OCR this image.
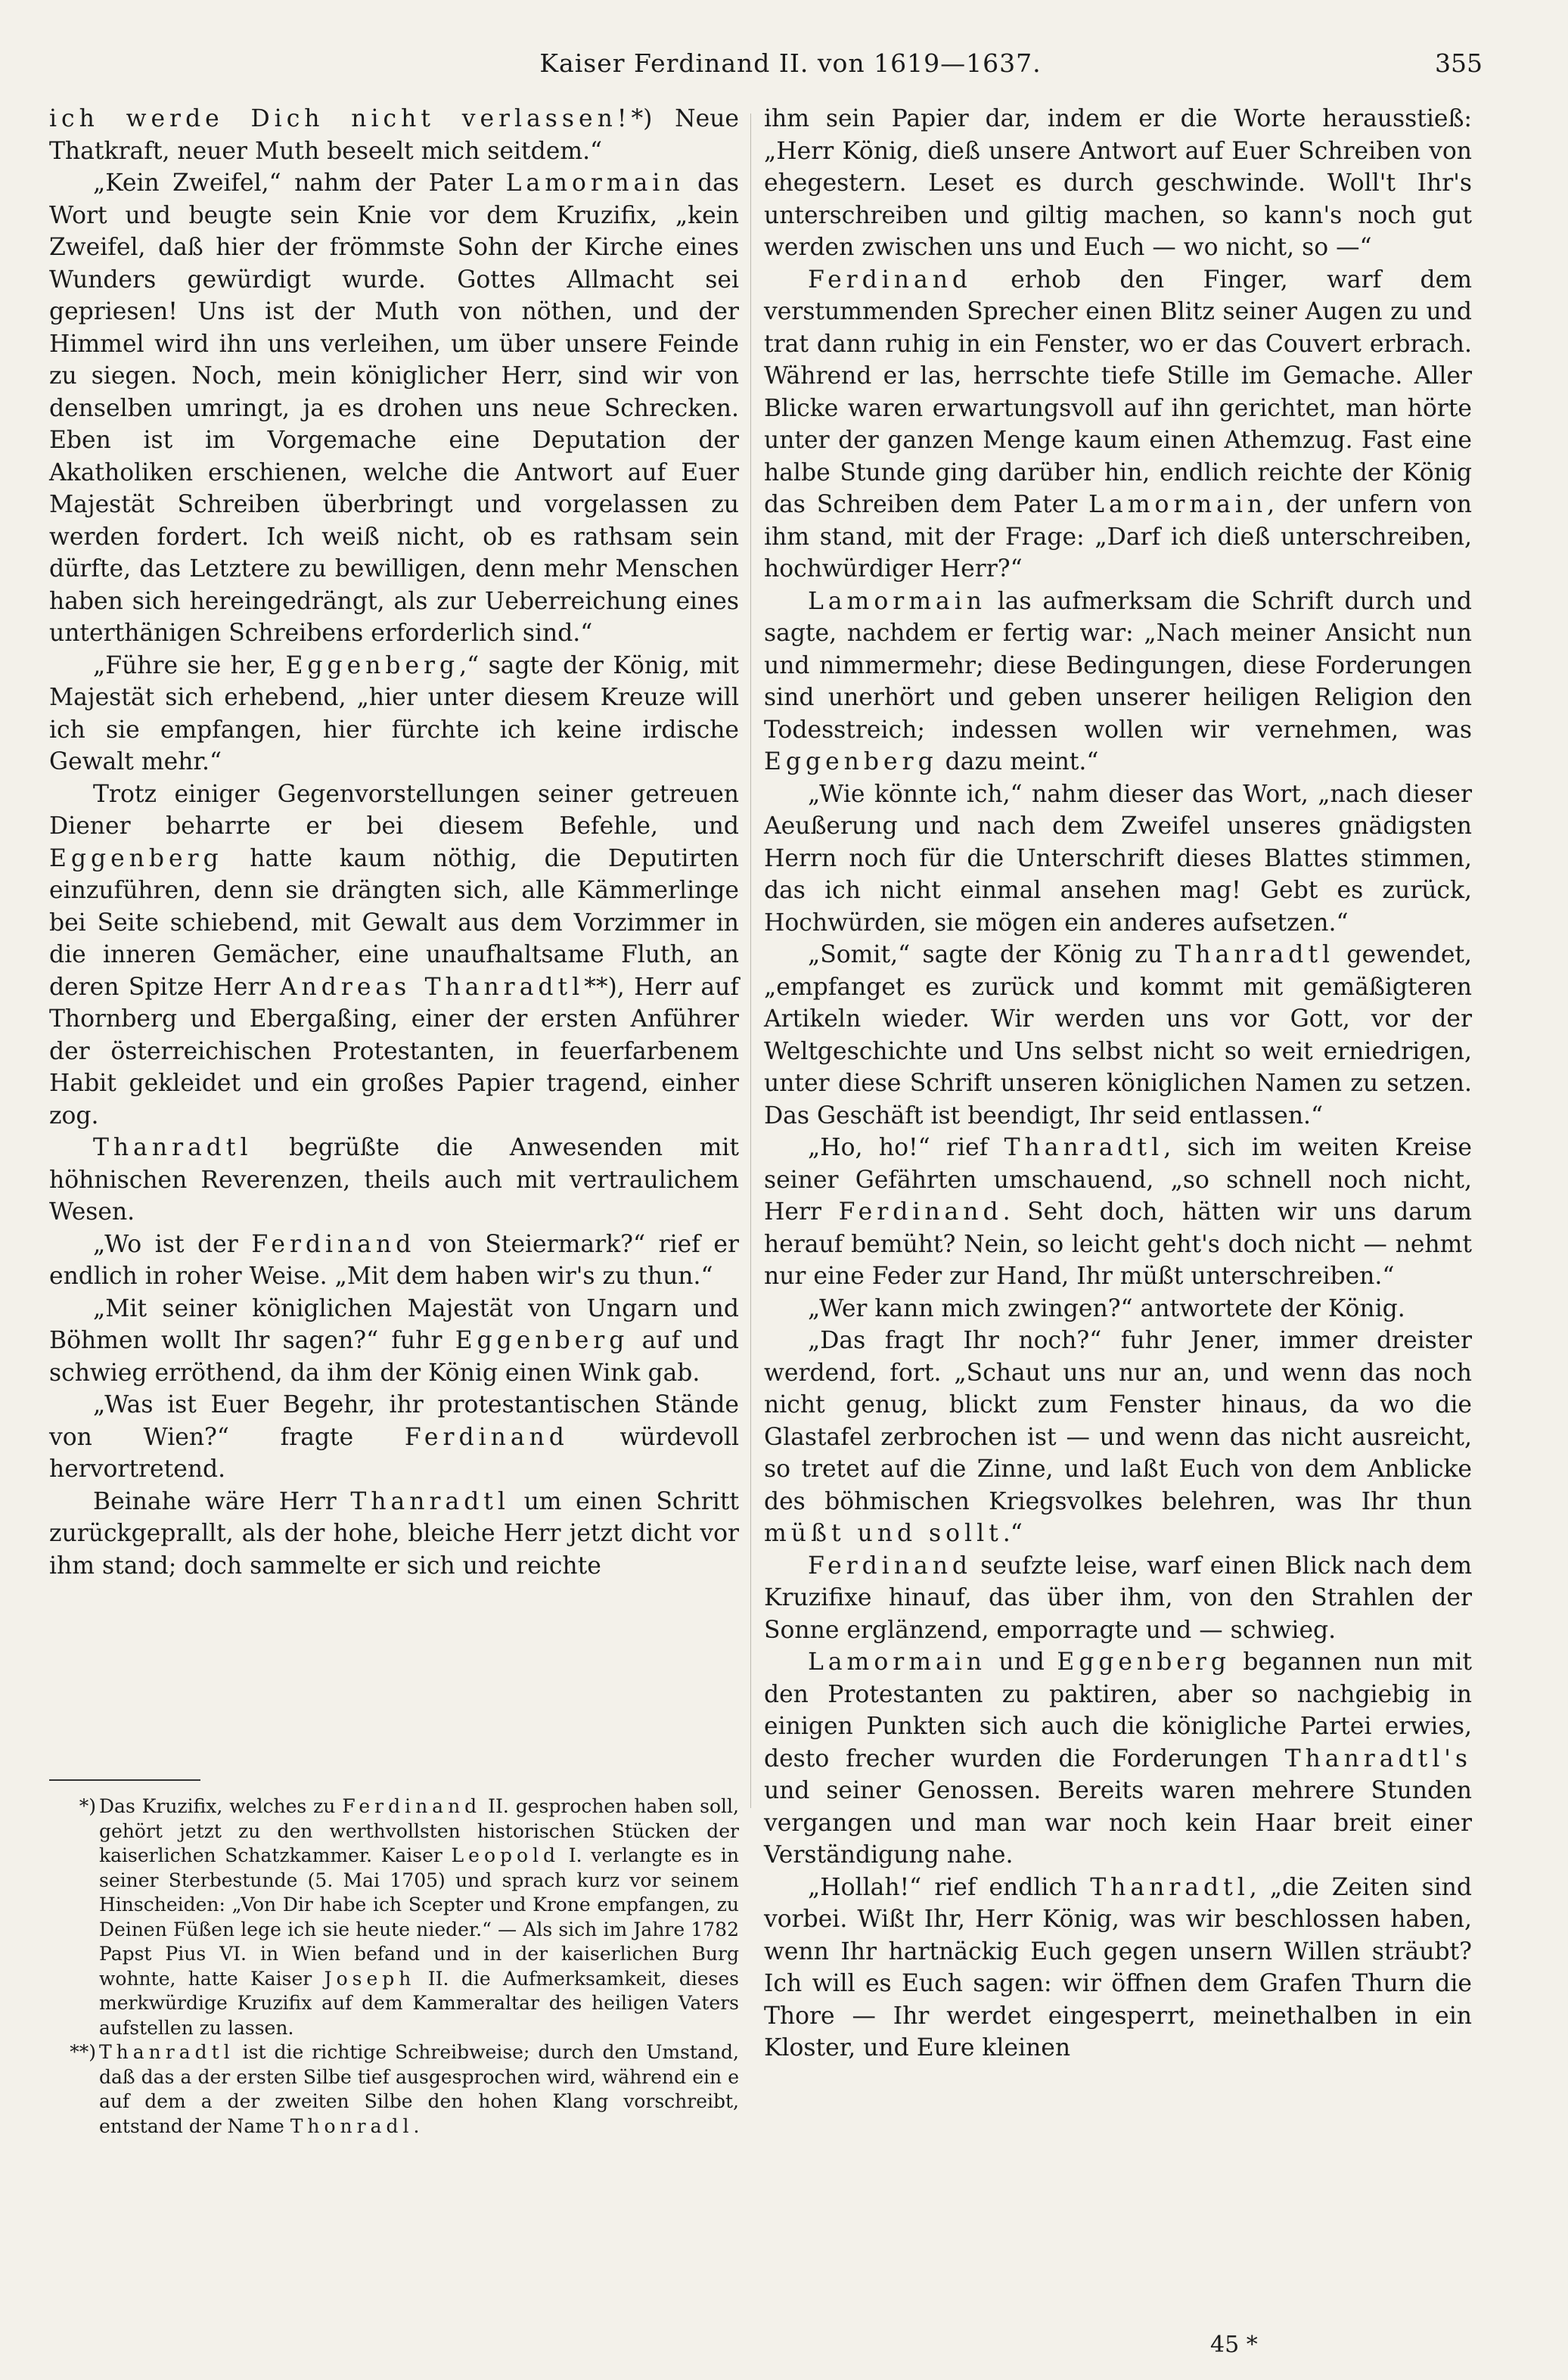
Kaiser Ferdinand II. von 1619—1637.	355

ich werde Dich nicht verlassen!*) Neue Thatkraft, neuer Muth beseelt mich seitdem.“

„Kein Zweifel,“ nahm der Pater Lamormain das Wort und beugte sein Knie vor dem Kruzifix, „kein Zweifel, daß hier der frömmste Sohn der Kirche eines Wunders gewürdigt wurde. Gottes Allmacht sei gepriesen! Uns ist der Muth von nöthen, und der Himmel wird ihn uns verleihen, um über unsere Feinde zu siegen. Noch, mein königlicher Herr, sind wir von denselben umringt, ja es drohen uns neue Schrecken. Eben ist im Vorgemache eine Deputation der Akatholiken erschienen, welche die Antwort auf Euer Majestät Schreiben überbringt und vorgelassen zu werden fordert. Ich weiß nicht, ob es rathsam sein dürfte, das Letztere zu bewilligen, denn mehr Menschen haben sich hereingedrängt, als zur Ueberreichung eines unterthänigen Schreibens erforderlich sind.“

„Führe sie her, Eggenberg,“ sagte der König, mit Majestät sich erhebend, „hier unter diesem Kreuze will ich sie empfangen, hier fürchte ich keine irdische Gewalt mehr.“

Trotz einiger Gegenvorstellungen seiner getreuen Diener beharrte er bei diesem Befehle, und Eggenberg hatte kaum nöthig, die Deputirten einzuführen, denn sie drängten sich, alle Kämmerlinge bei Seite schiebend, mit Gewalt aus dem Vorzimmer in die inneren Gemächer, eine unaufhaltsame Fluth, an deren Spitze Herr Andreas Thanradtl**), Herr auf Thornberg und Ebergaßing, einer der ersten Anführer der österreichischen Protestanten, in feuerfarbenem Habit gekleidet und ein großes Papier tragend, einher zog.

Thanradtl begrüßte die Anwesenden mit höhnischen Reverenzen, theils auch mit vertraulichem Wesen.

„Wo ist der Ferdinand von Steiermark?“ rief er endlich in roher Weise. „Mit dem haben wir's zu thun.“

„Mit seiner königlichen Majestät von Ungarn und Böhmen wollt Ihr sagen?“ fuhr Eggenberg auf und schwieg erröthend, da ihm der König einen Wink gab.

„Was ist Euer Begehr, ihr protestantischen Stände von Wien?“ fragte Ferdinand würdevoll hervortretend.

Beinahe wäre Herr Thanradtl um einen Schritt zurückgeprallt, als der hohe, bleiche Herr jetzt dicht vor ihm stand; doch sammelte er sich und reichte

*) Das Kruzifix, welches zu Ferdinand II. gesprochen haben soll, gehört jetzt zu den werthvollsten historischen Stücken der kaiserlichen Schatzkammer. Kaiser Leopold I. verlangte es in seiner Sterbestunde (5. Mai 1705) und sprach kurz vor seinem Hinscheiden: „Von Dir habe ich Scepter und Krone empfangen, zu Deinen Füßen lege ich sie heute nieder.“ — Als sich im Jahre 1782 Papst Pius VI. in Wien befand und in der kaiserlichen Burg wohnte, hatte Kaiser Joseph II. die Aufmerksamkeit, dieses merkwürdige Kruzifix auf dem Kammeraltar des heiligen Vaters aufstellen zu lassen.

**) Thanradtl ist die richtige Schreibweise; durch den Umstand, daß das a der ersten Silbe tief ausgesprochen wird, während ein e auf dem a der zweiten Silbe den hohen Klang vorschreibt, entstand der Name Thonradl.

ihm sein Papier dar, indem er die Worte herausstieß: „Herr König, dieß unsere Antwort auf Euer Schreiben von ehegestern. Leset es durch geschwinde. Woll't Ihr's unterschreiben und giltig machen, so kann's noch gut werden zwischen uns und Euch — wo nicht, so —“

Ferdinand erhob den Finger, warf dem verstummenden Sprecher einen Blitz seiner Augen zu und trat dann ruhig in ein Fenster, wo er das Couvert erbrach. Während er las, herrschte tiefe Stille im Gemache. Aller Blicke waren erwartungsvoll auf ihn gerichtet, man hörte unter der ganzen Menge kaum einen Athemzug. Fast eine halbe Stunde ging darüber hin, endlich reichte der König das Schreiben dem Pater Lamormain, der unfern von ihm stand, mit der Frage: „Darf ich dieß unterschreiben, hochwürdiger Herr?“

Lamormain las aufmerksam die Schrift durch und sagte, nachdem er fertig war: „Nach meiner Ansicht nun und nimmermehr; diese Bedingungen, diese Forderungen sind unerhört und geben unserer heiligen Religion den Todesstreich; indessen wollen wir vernehmen, was Eggenberg dazu meint.“

„Wie könnte ich,“ nahm dieser das Wort, „nach dieser Aeußerung und nach dem Zweifel unseres gnädigsten Herrn noch für die Unterschrift dieses Blattes stimmen, das ich nicht einmal ansehen mag! Gebt es zurück, Hochwürden, sie mögen ein anderes aufsetzen.“

„Somit,“ sagte der König zu Thanradtl gewendet, „empfanget es zurück und kommt mit gemäßigteren Artikeln wieder. Wir werden uns vor Gott, vor der Weltgeschichte und Uns selbst nicht so weit erniedrigen, unter diese Schrift unseren königlichen Namen zu setzen. Das Geschäft ist beendigt, Ihr seid entlassen.“

„Ho, ho!“ rief Thanradtl, sich im weiten Kreise seiner Gefährten umschauend, „so schnell noch nicht, Herr Ferdinand. Seht doch, hätten wir uns darum herauf bemüht? Nein, so leicht geht's doch nicht — nehmt nur eine Feder zur Hand, Ihr müßt unterschreiben.“

„Wer kann mich zwingen?“ antwortete der König.

„Das fragt Ihr noch?“ fuhr Jener, immer dreister werdend, fort. „Schaut uns nur an, und wenn das noch nicht genug, blickt zum Fenster hinaus, da wo die Glastafel zerbrochen ist — und wenn das nicht ausreicht, so tretet auf die Zinne, und laßt Euch von dem Anblicke des böhmischen Kriegsvolkes belehren, was Ihr thun müßt und sollt.“

Ferdinand seufzte leise, warf einen Blick nach dem Kruzifixe hinauf, das über ihm, von den Strahlen der Sonne erglänzend, emporragte und — schwieg.

Lamormain und Eggenberg begannen nun mit den Protestanten zu paktiren, aber so nachgiebig in einigen Punkten sich auch die königliche Partei erwies, desto frecher wurden die Forderungen Thanradtl's und seiner Genossen. Bereits waren mehrere Stunden vergangen und man war noch kein Haar breit einer Verständigung nahe.

„Hollah!“ rief endlich Thanradtl, „die Zeiten sind vorbei. Wißt Ihr, Herr König, was wir beschlossen haben, wenn Ihr hartnäckig Euch gegen unsern Willen sträubt? Ich will es Euch sagen: wir öffnen dem Grafen Thurn die Thore — Ihr werdet eingesperrt, meinethalben in ein Kloster, und Eure kleinen

45 *
